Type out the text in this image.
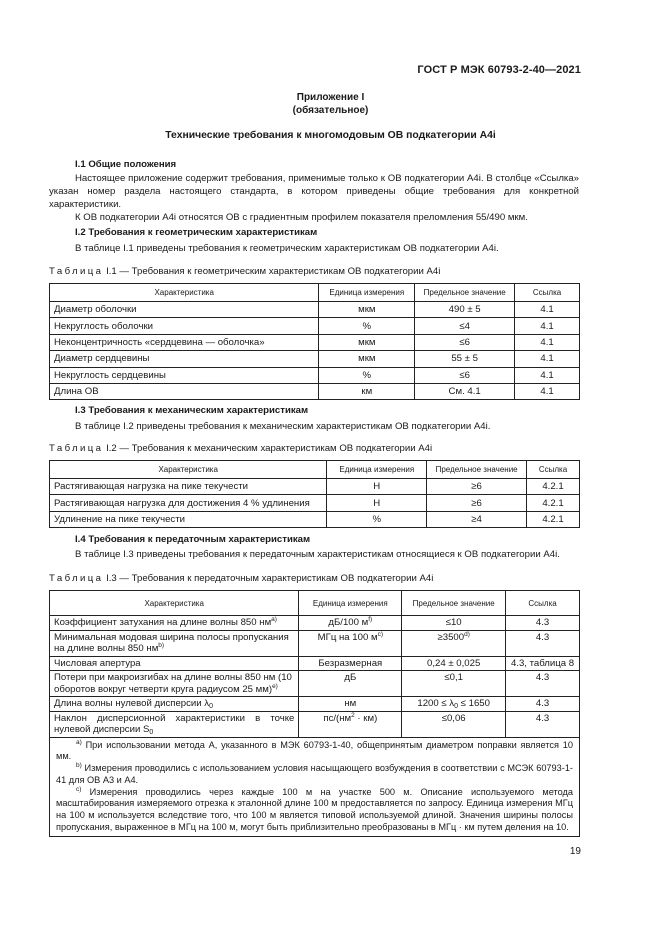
ГОСТ Р МЭК 60793-2-40—2021
Приложение I
(обязательное)
Технические требования к многомодовым ОВ подкатегории А4i
I.1 Общие положения
Настоящее приложение содержит требования, применимые только к ОВ подкатегории А4i. В столбце «Ссылка» указан номер раздела настоящего стандарта, в котором приведены общие требования для конкретной характеристики.
К ОВ подкатегории А4i относятся ОВ с градиентным профилем показателя преломления 55/490 мкм.
I.2 Требования к геометрическим характеристикам
В таблице I.1 приведены требования к геометрическим характеристикам ОВ подкатегории А4i.
Таблица I.1 — Требования к геометрическим характеристикам ОВ подкатегории А4i
Характеристика	Единица измерения	Предельное значение	Ссылка
Диаметр оболочки	мкм	490 ± 5	4.1
Некруглость оболочки	%	≤4	4.1
Неконцентричность «сердцевина — оболочка»	мкм	≤6	4.1
Диаметр сердцевины	мкм	55 ± 5	4.1
Некруглость сердцевины	%	≤6	4.1
Длина ОВ	км	См. 4.1	4.1
I.3 Требования к механическим характеристикам
В таблице I.2 приведены требования к механическим характеристикам ОВ подкатегории А4i.
Таблица I.2 — Требования к механическим характеристикам ОВ подкатегории А4i
Характеристика	Единица измерения	Предельное значение	Ссылка
Растягивающая нагрузка на пике текучести	Н	≥6	4.2.1
Растягивающая нагрузка для достижения 4 % удлинения	Н	≥6	4.2.1
Удлинение на пике текучести	%	≥4	4.2.1
I.4 Требования к передаточным характеристикам
В таблице I.3 приведены требования к передаточным характеристикам относящиеся к ОВ подкатегории А4i.
Таблица I.3 — Требования к передаточным характеристикам ОВ подкатегории А4i
Характеристика	Единица измерения	Предельное значение	Ссылка
Коэффициент затухания на длине волны 850 $нм^{a)}$	дБ/100 $м^{f)}$	≤10	4.3
Минимальная модовая ширина полосы пропускания на длине волны 850 $нм^{b)}$	МГц на 100 $м^{c)}$	$\ge 3500^{d)}$	4.3
Числовая апертура	Безразмерная	0,24 ± 0,025	4.3, таблица 8
Потери при макроизгибах на длине волны 850 нм (10 оборотов вокруг четверти круга радиусом 25 мм)$^{e)}$	дБ	≤0,1	4.3
Длина волны нулевой дисперсии $\lambda_0$	нм	$1200 \le \lambda_0 \le 1650$	4.3
Наклон дисперсионной характеристики в точке нулевой дисперсии $S_0$	$пс/(нм^2 \cdot км)$	≤0,06	4.3

$^{a)}$ При использовании метода А, указанного в МЭК 60793-1-40, общепринятым диаметром поправки является 10 мм.
$^{b)}$ Измерения проводились с использованием условия насыщающего возбуждения в соответствии с МСЭК 60793-1-41 для ОВ А3 и А4.
$^{c)}$ Измерения проводились через каждые 100 м на участке 500 м. Описание используемого метода масштабирования измеряемого отрезка к эталонной длине 100 м предоставляется по запросу. Единица измерения МГц на 100 м используется вследствие того, что 100 м является типовой используемой длиной. Значения ширины полосы пропускания, выраженное в МГц на 100 м, могут быть приблизительно преобразованы в МГц · км путем деления на 10.			
19
